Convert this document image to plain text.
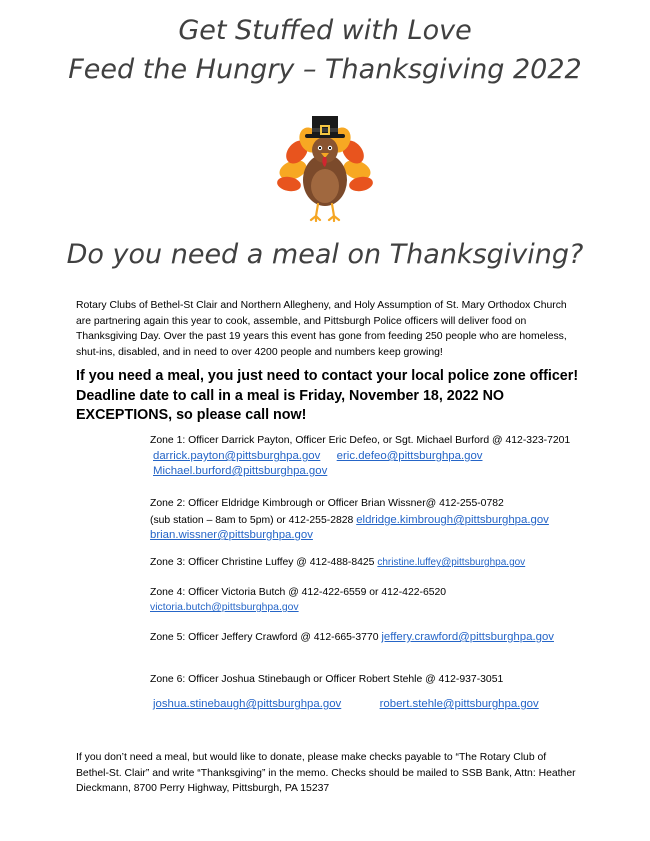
Get Stuffed with Love
Feed the Hungry – Thanksgiving 2022
Do you need a meal on Thanksgiving?

Rotary Clubs of Bethel-St Clair and Northern Allegheny, and Holy Assumption of St. Mary Orthodox Church are partnering again this year to cook, assemble, and Pittsburgh Police officers will deliver food on Thanksgiving Day. Over the past 19 years this event has gone from feeding 250 people who are homeless, shut-ins, disabled, and in need to over 4200 people and numbers keep growing!

If you need a meal, you just need to contact your local police zone officer! Deadline date to call in a meal is Friday, November 18, 2022 NO EXCEPTIONS, so please call now!

Zone 1: Officer Darrick Payton, Officer Eric Defeo, or Sgt. Michael Burford @ 412-323-7201
darrick.payton@pittsburghpa.gov eric.defeo@pittsburghpa.gov
Michael.burford@pittsburghpa.gov
Zone 2: Officer Eldridge Kimbrough or Officer Brian Wissner@ 412-255-0782
(sub station – 8am to 5pm) or 412-255-2828 eldridge.kimbrough@pittsburghpa.gov
brian.wissner@pittsburghpa.gov
Zone 3: Officer Christine Luffey @ 412-488-8425 christine.luffey@pittsburghpa.gov
Zone 4: Officer Victoria Butch @ 412-422-6559 or 412-422-6520
victoria.butch@pittsburghpa.gov
Zone 5: Officer Jeffery Crawford @ 412-665-3770 jeffery.crawford@pittsburghpa.gov
Zone 6: Officer Joshua Stinebaugh or Officer Robert Stehle @ 412-937-3051
joshua.stinebaugh@pittsburghpa.gov	robert.stehle@pittsburghpa.gov

If you don’t need a meal, but would like to donate, please make checks payable to “The Rotary Club of Bethel-St. Clair” and write “Thanksgiving” in the memo. Checks should be mailed to SSB Bank, Attn: Heather Dieckmann, 8700 Perry Highway, Pittsburgh, PA 15237
